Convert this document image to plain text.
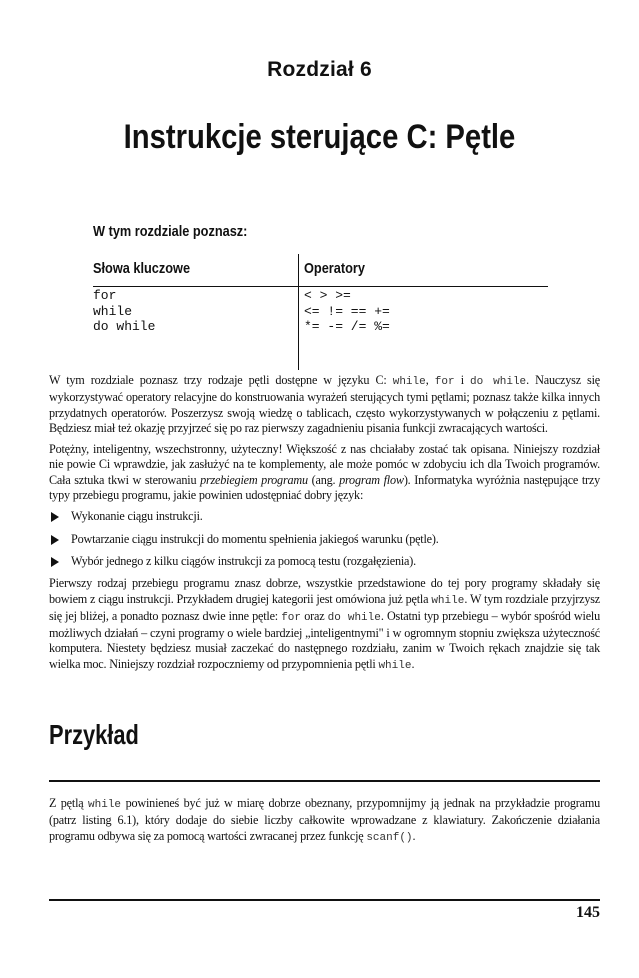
Rozdział 6
Instrukcje sterujące C: Pętle
W tym rozdziale poznasz:
Słowa kluczowe	Operatory
for
while
do while
< > >=
<= != == +=
*= -= /= %=

W tym rozdziale poznasz trzy rodzaje pętli dostępne w języku C: while, for i do while. Nauczysz się wykorzystywać operatory relacyjne do konstruowania wyrażeń sterujących tymi pętlami; poznasz także kilka innych przydatnych operatorów. Poszerzysz swoją wiedzę o tablicach, często wykorzystywanych w połączeniu z pętlami. Będziesz miał też okazję przyjrzeć się po raz pierwszy zagadnieniu pisania funkcji zwracających wartości.

Potężny, inteligentny, wszechstronny, użyteczny! Większość z nas chciałaby zostać tak opisana. Niniejszy rozdział nie powie Ci wprawdzie, jak zasłużyć na te komplementy, ale może pomóc w zdobyciu ich dla Twoich programów. Cała sztuka tkwi w sterowaniu przebiegiem programu (ang. program flow). Informatyka wyróżnia następujące trzy typy przebiegu programu, jakie powinien udostępniać dobry język:

Wykonanie ciągu instrukcji.
Powtarzanie ciągu instrukcji do momentu spełnienia jakiegoś warunku (pętle).
Wybór jednego z kilku ciągów instrukcji za pomocą testu (rozgałęzienia).

Pierwszy rodzaj przebiegu programu znasz dobrze, wszystkie przedstawione do tej pory programy składały się bowiem z ciągu instrukcji. Przykładem drugiej kategorii jest omówiona już pętla while. W tym rozdziale przyjrzysz się jej bliżej, a ponadto poznasz dwie inne pętle: for oraz do while. Ostatni typ przebiegu – wybór spośród wielu możliwych działań – czyni programy o wiele bardziej „inteligentnymi" i w ogromnym stopniu zwiększa użyteczność komputera. Niestety będziesz musiał zaczekać do następnego rozdziału, zanim w Twoich rękach znajdzie się tak wielka moc. Niniejszy rozdział rozpoczniemy od przypomnienia pętli while.

Przykład
Z pętlą while powinieneś być już w miarę dobrze obeznany, przypomnijmy ją jednak na przykładzie programu (patrz listing 6.1), który dodaje do siebie liczby całkowite wprowadzane z klawiatury. Zakończenie działania programu odbywa się za pomocą wartości zwracanej przez funkcję scanf().
145
